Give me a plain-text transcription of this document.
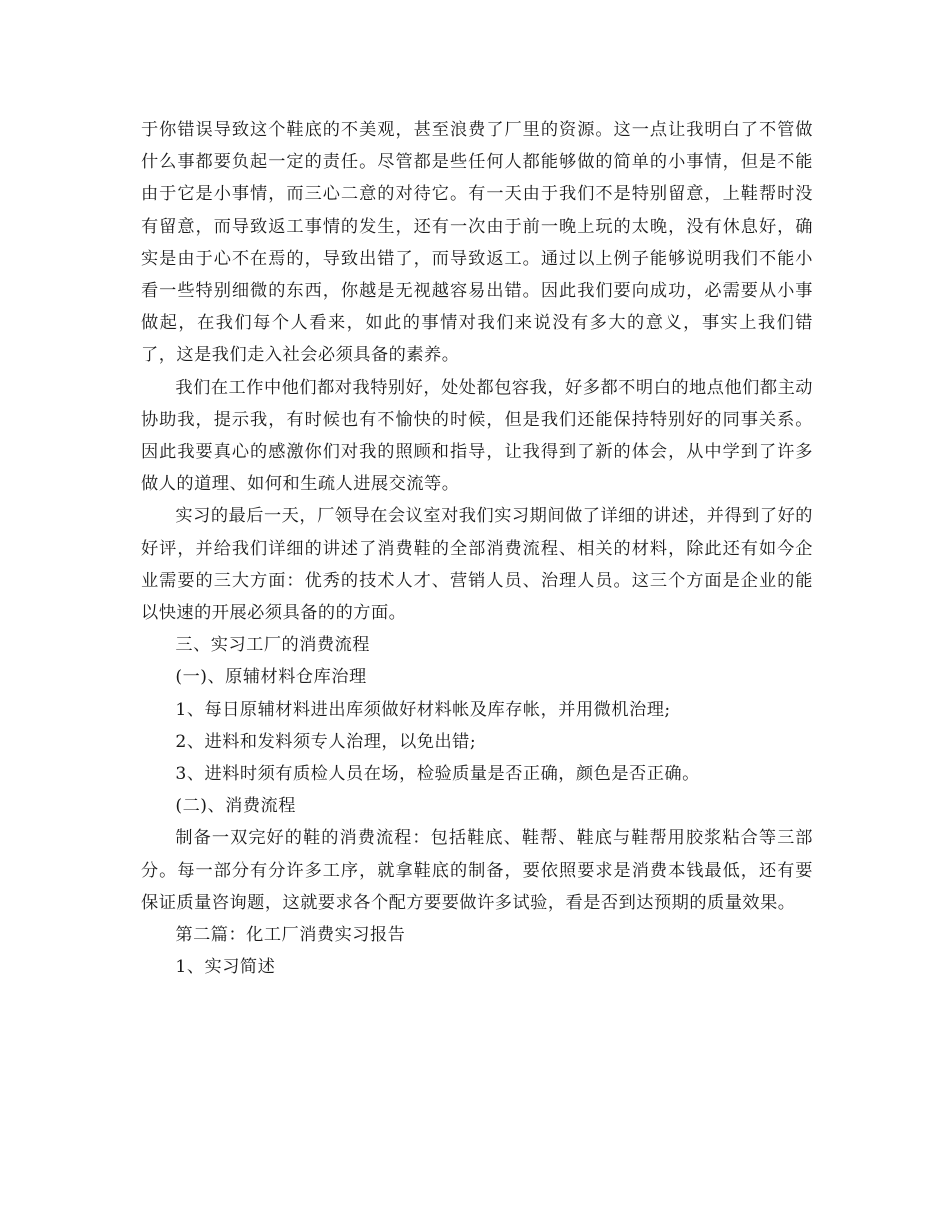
于你错误导致这个鞋底的不美观，甚至浪费了厂里的资源。这一点让我明白了不管做什么事都要负起一定的责任。尽管都是些任何人都能够做的简单的小事情，但是不能由于它是小事情，而三心二意的对待它。有一天由于我们不是特别留意，上鞋帮时没有留意，而导致返工事情的发生，还有一次由于前一晚上玩的太晚，没有休息好，确实是由于心不在焉的，导致出错了，而导致返工。通过以上例子能够说明我们不能小看一些特别细微的东西，你越是无视越容易出错。因此我们要向成功，必需要从小事做起，在我们每个人看来，如此的事情对我们来说没有多大的意义，事实上我们错了，这是我们走入社会必须具备的素养。

我们在工作中他们都对我特别好，处处都包容我，好多都不明白的地点他们都主动协助我，提示我，有时候也有不愉快的时候，但是我们还能保持特别好的同事关系。因此我要真心的感激你们对我的照顾和指导，让我得到了新的体会，从中学到了许多做人的道理、如何和生疏人进展交流等。

实习的最后一天，厂领导在会议室对我们实习期间做了详细的讲述，并得到了好的好评，并给我们详细的讲述了消费鞋的全部消费流程、相关的材料，除此还有如今企业需要的三大方面：优秀的技术人才、营销人员、治理人员。这三个方面是企业的能以快速的开展必须具备的的方面。

三、实习工厂的消费流程

(一)、原辅材料仓库治理

1、每日原辅材料进出库须做好材料帐及库存帐，并用微机治理;

2、进料和发料须专人治理，以免出错;

3、进料时须有质检人员在场，检验质量是否正确，颜色是否正确。

(二)、消费流程

制备一双完好的鞋的消费流程：包括鞋底、鞋帮、鞋底与鞋帮用胶浆粘合等三部分。每一部分有分许多工序，就拿鞋底的制备，要依照要求是消费本钱最低，还有要保证质量咨询题，这就要求各个配方要要做许多试验，看是否到达预期的质量效果。

第二篇：化工厂消费实习报告

1、实习简述
